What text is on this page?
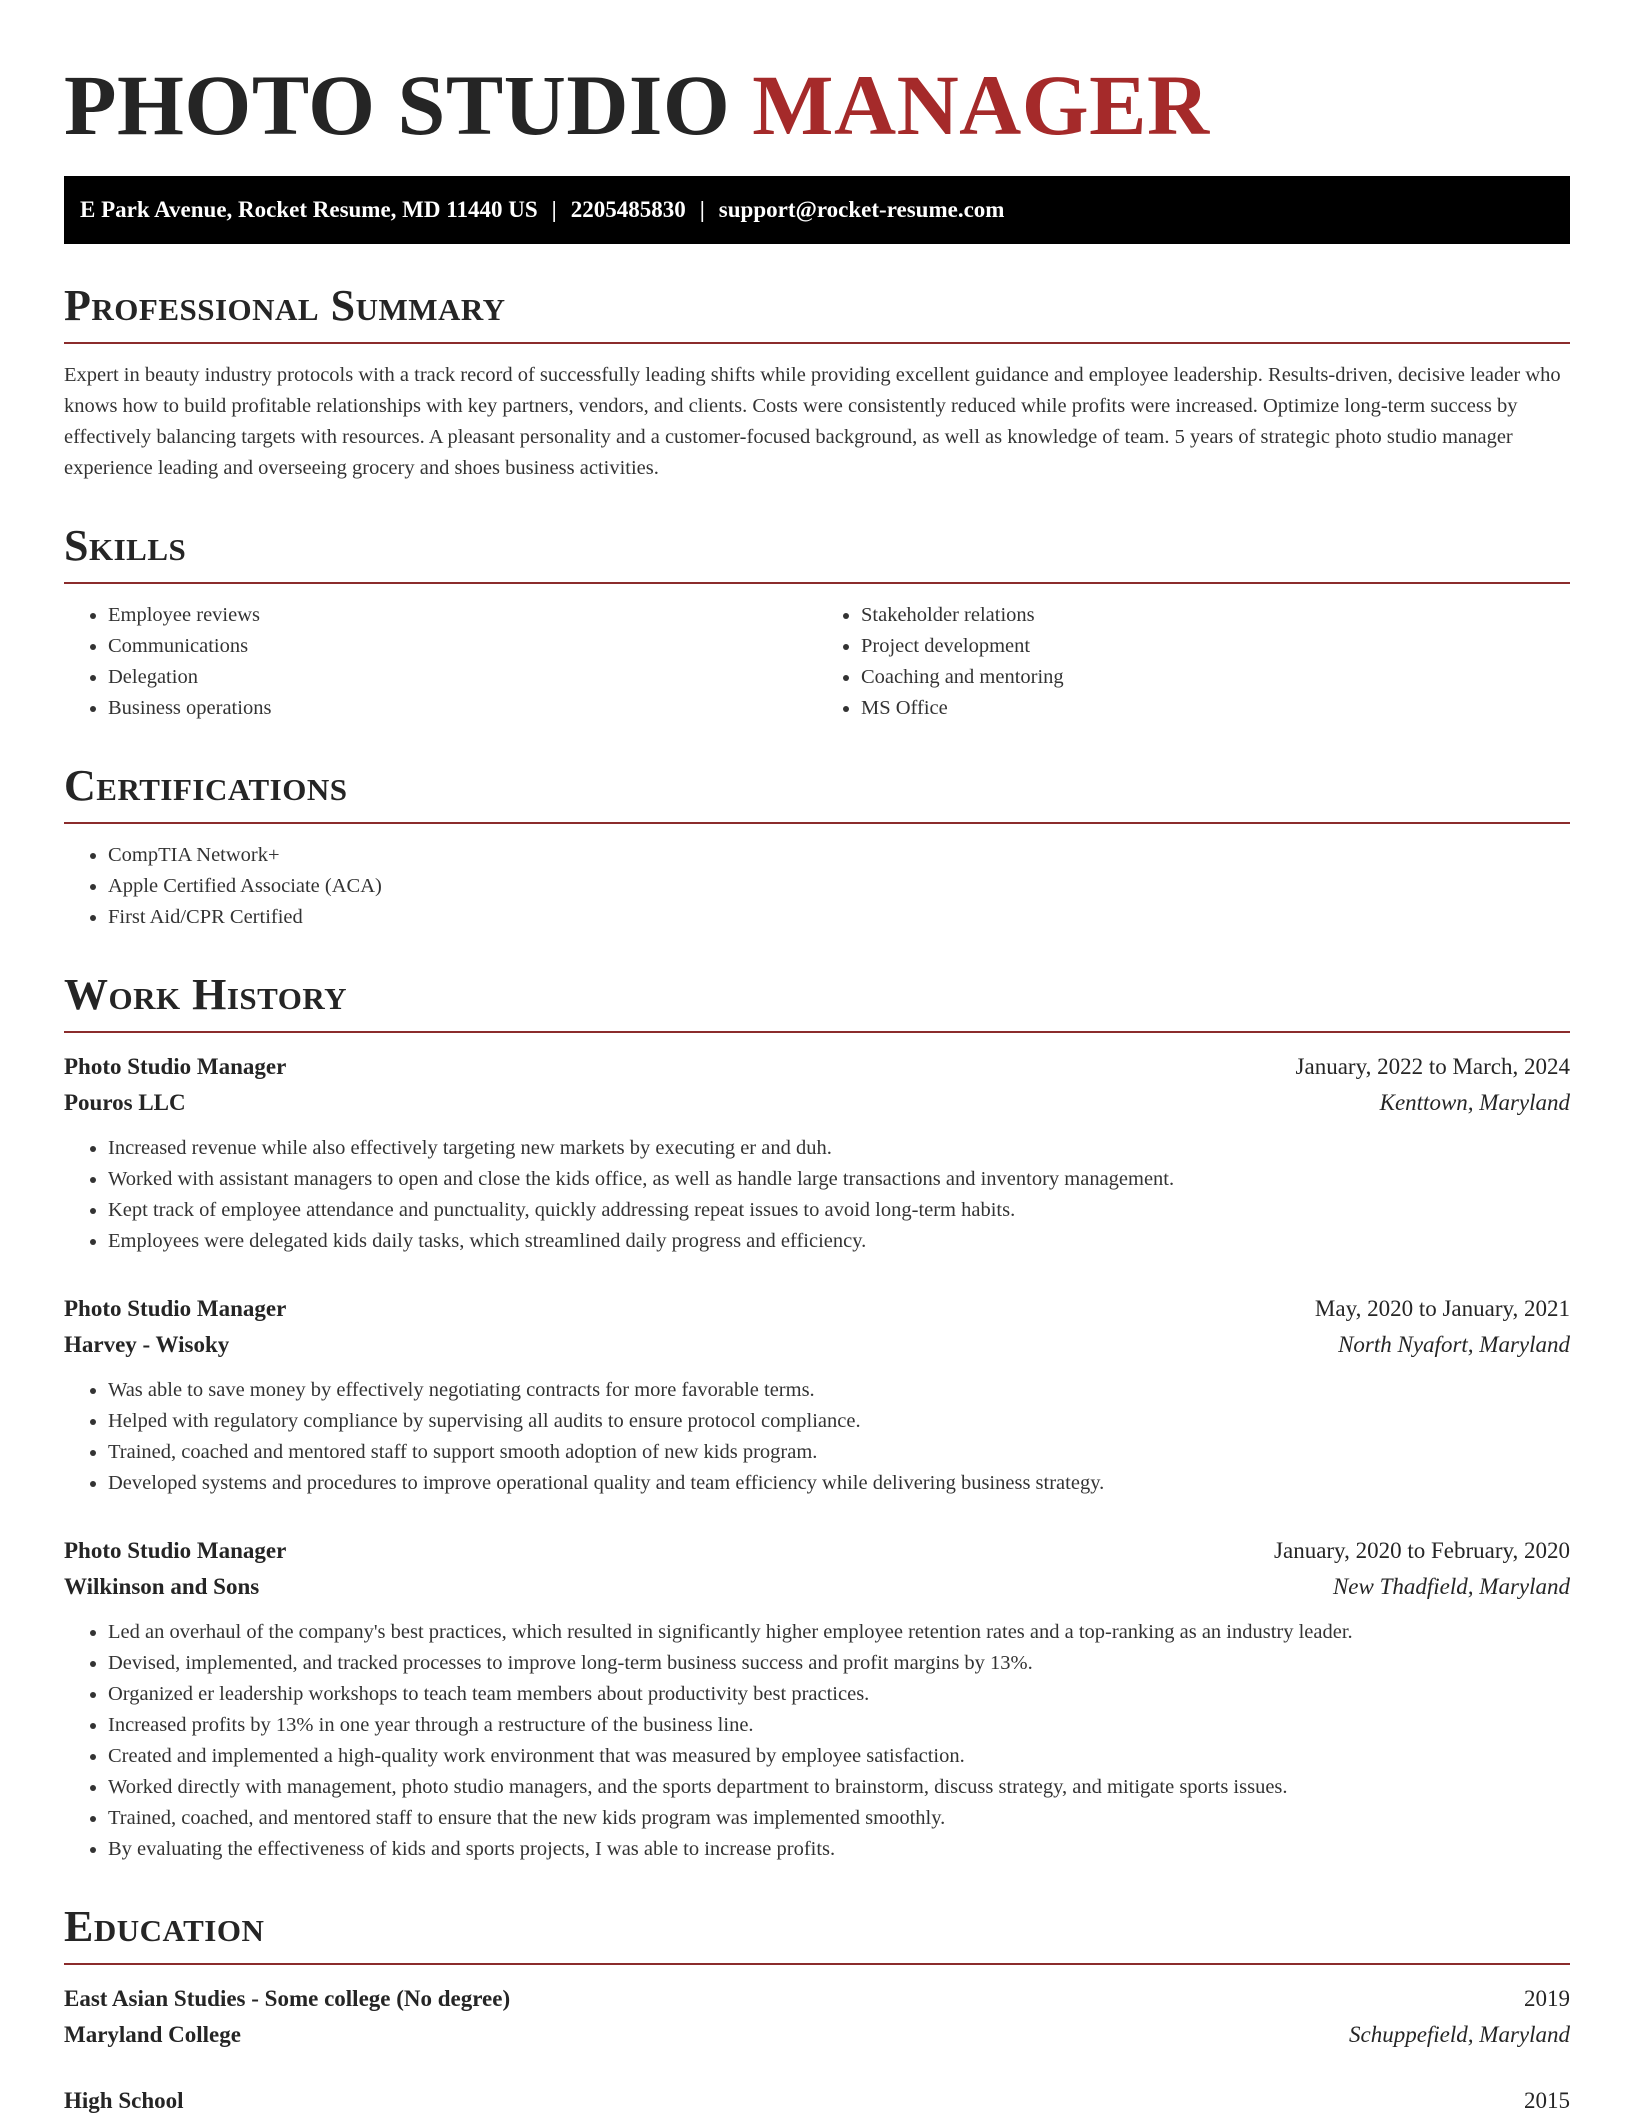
PHOTO STUDIO MANAGER
E Park Avenue, Rocket Resume, MD 11440 US | 2205485830 | support@rocket-resume.com
Professional Summary

Expert in beauty industry protocols with a track record of successfully leading shifts while providing excellent guidance and employee leadership. Results-driven, decisive leader who knows how to build profitable relationships with key partners, vendors, and clients. Costs were consistently reduced while profits were increased. Optimize long-term success by effectively balancing targets with resources. A pleasant personality and a customer-focused background, as well as knowledge of team. 5 years of strategic photo studio manager experience leading and overseeing grocery and shoes business activities.

Skills
• Employee reviews
• Communications
• Delegation
• Business operations
• Stakeholder relations
• Project development
• Coaching and mentoring
• MS Office
Certifications
• CompTIA Network+
• Apple Certified Associate (ACA)
• First Aid/CPR Certified
Work History
Photo Studio Manager	January, 2022 to March, 2024
Pouros LLC	Kenttown, Maryland
• Increased revenue while also effectively targeting new markets by executing er and duh.
• Worked with assistant managers to open and close the kids office, as well as handle large transactions and inventory management.
• Kept track of employee attendance and punctuality, quickly addressing repeat issues to avoid long-term habits.
• Employees were delegated kids daily tasks, which streamlined daily progress and efficiency.
Photo Studio Manager	May, 2020 to January, 2021
Harvey - Wisoky	North Nyafort, Maryland
• Was able to save money by effectively negotiating contracts for more favorable terms.
• Helped with regulatory compliance by supervising all audits to ensure protocol compliance.
• Trained, coached and mentored staff to support smooth adoption of new kids program.
• Developed systems and procedures to improve operational quality and team efficiency while delivering business strategy.
Photo Studio Manager	January, 2020 to February, 2020
Wilkinson and Sons	New Thadfield, Maryland
• Led an overhaul of the company's best practices, which resulted in significantly higher employee retention rates and a top-ranking as an industry leader.
• Devised, implemented, and tracked processes to improve long-term business success and profit margins by 13%.
• Organized er leadership workshops to teach team members about productivity best practices.
• Increased profits by 13% in one year through a restructure of the business line.
• Created and implemented a high-quality work environment that was measured by employee satisfaction.
• Worked directly with management, photo studio managers, and the sports department to brainstorm, discuss strategy, and mitigate sports issues.
• Trained, coached, and mentored staff to ensure that the new kids program was implemented smoothly.
• By evaluating the effectiveness of kids and sports projects, I was able to increase profits.
Education
East Asian Studies - Some college (No degree)	2019
Maryland College	Schuppefield, Maryland
High School	2015
